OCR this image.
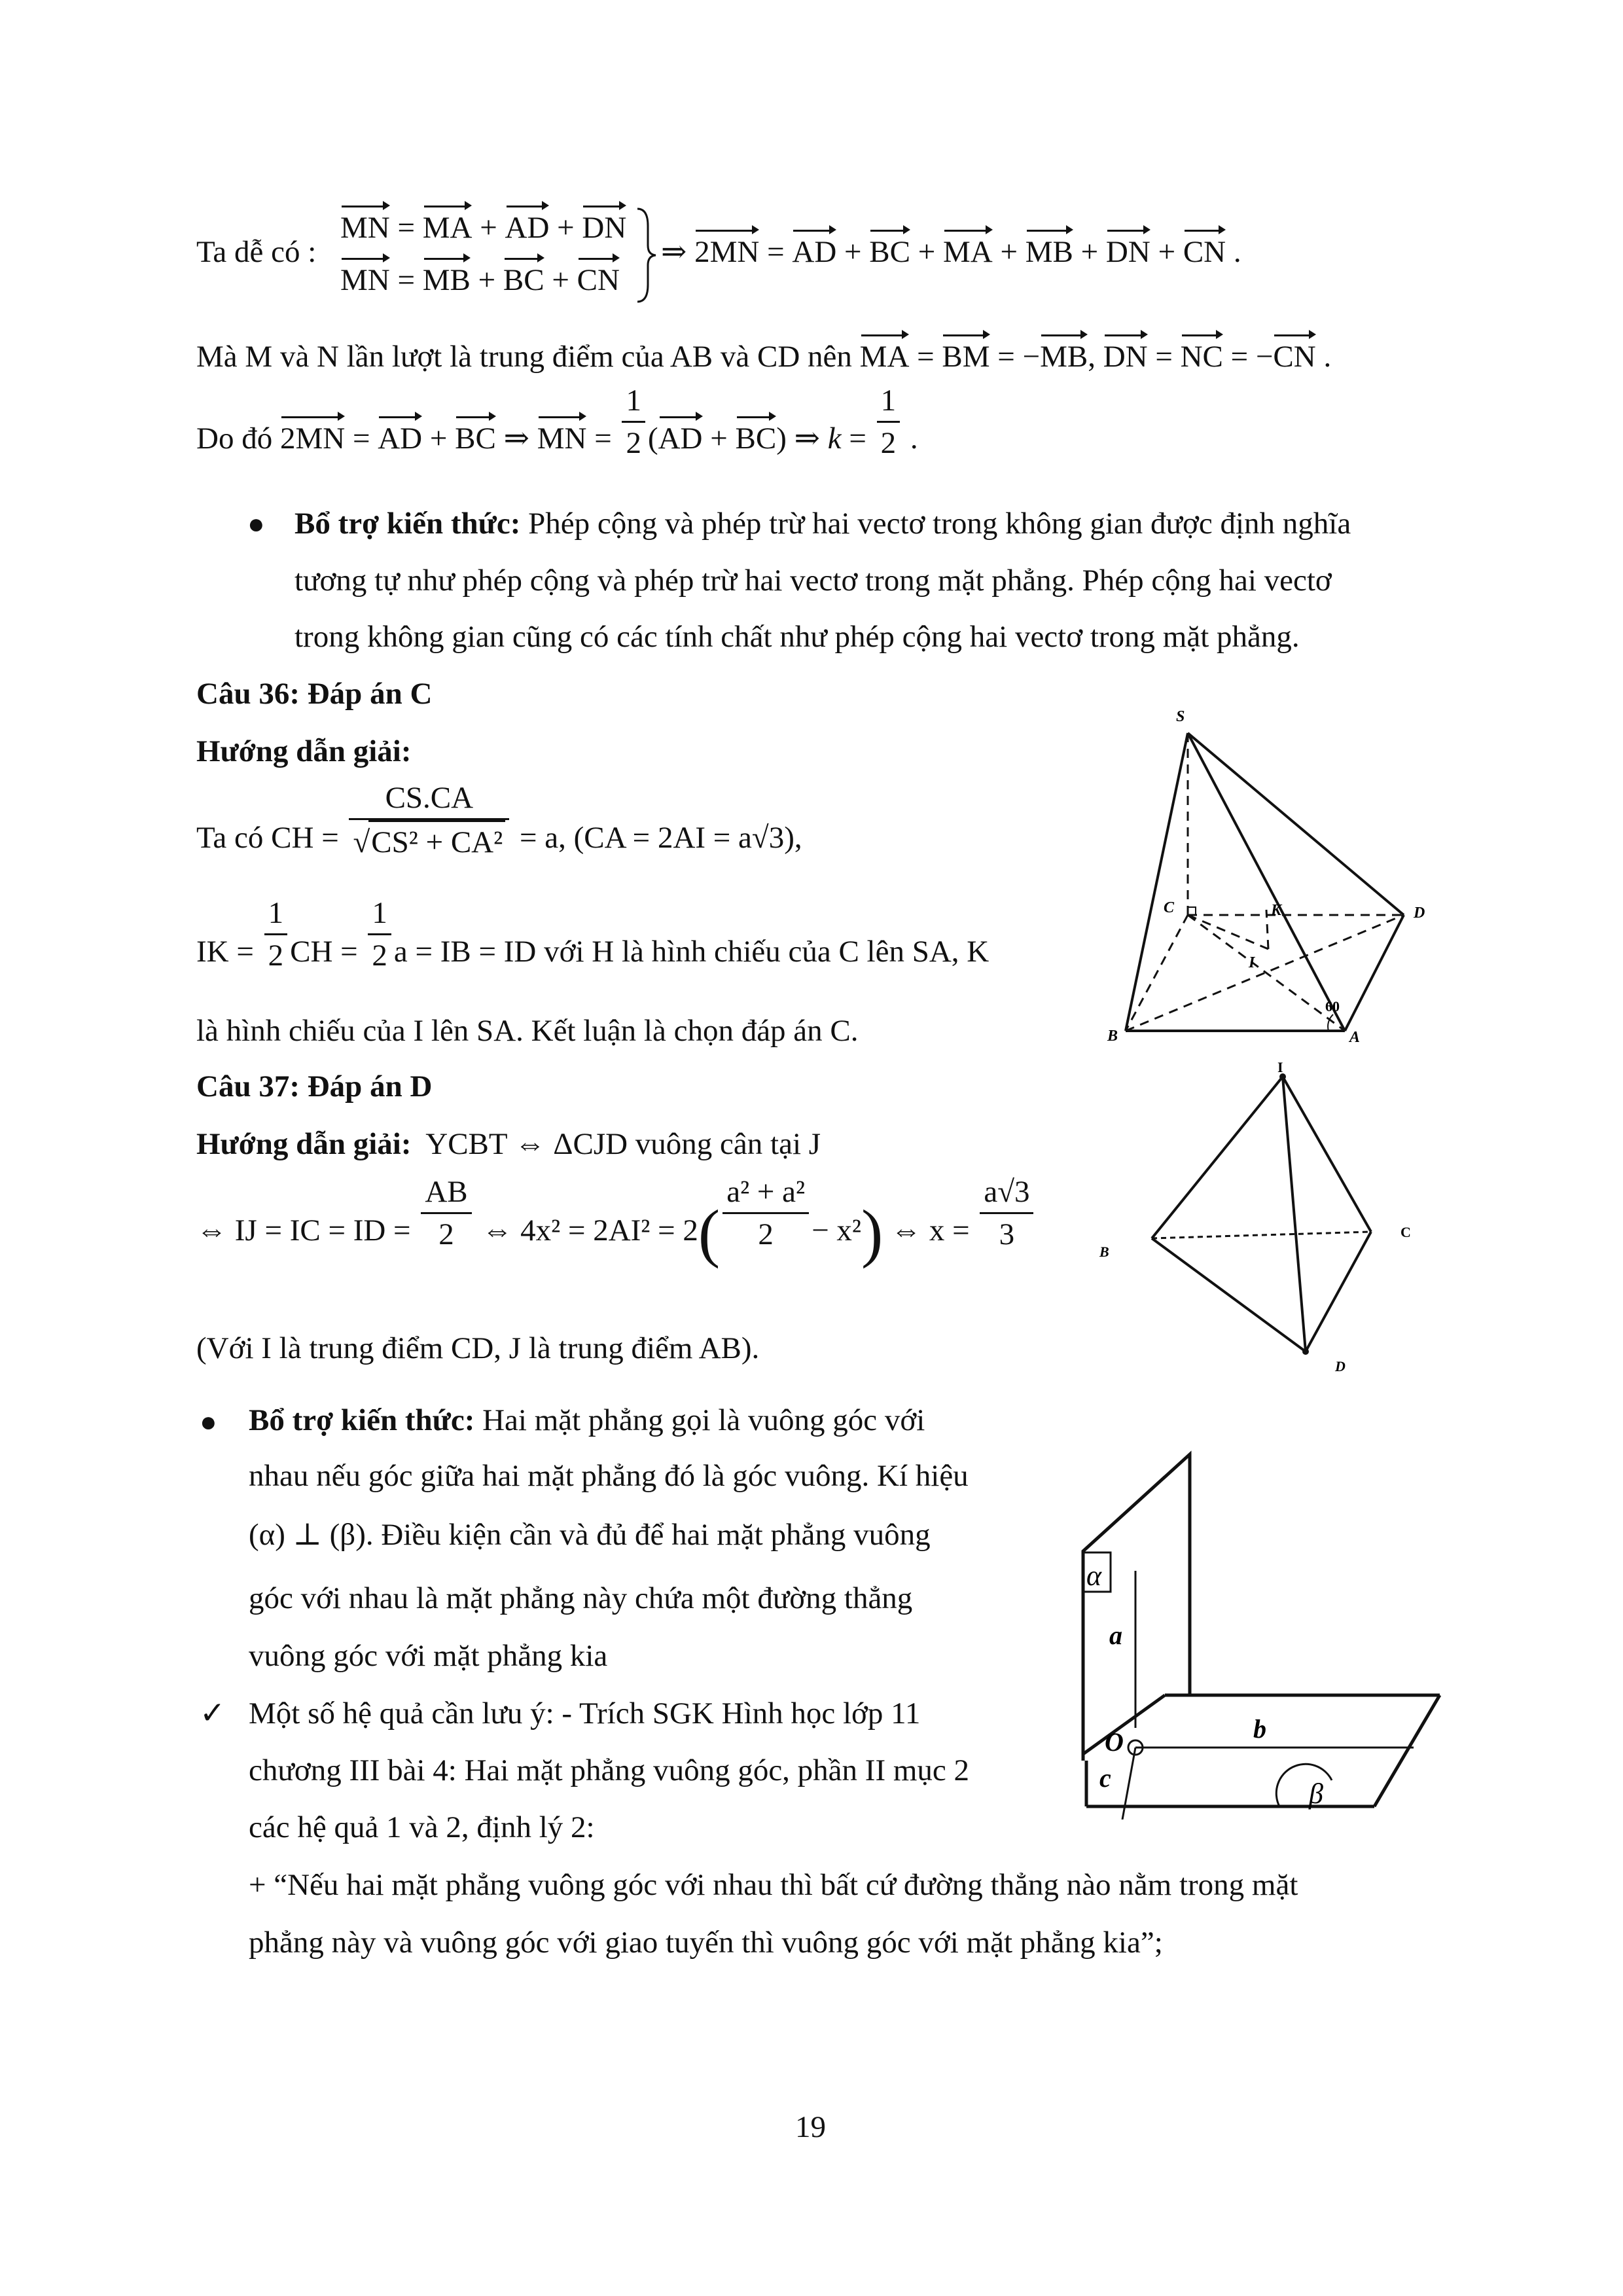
Ta dễ có :
MN = MA + AD + DN
MN = MB + BC + CN
⇒ 2MN = AD + BC + MA + MB + DN + CN .
Mà M và N lần lượt là trung điểm của AB và CD nên MA = BM = −MB, DN = NC = −CN .
Do đó 2MN = AD + BC ⇒ MN = $\frac{1}{2} (AD + BC)$ ⇒ $k = \frac{1}{2}$ .
● Bổ trợ kiến thức: Phép cộng và phép trừ hai vectơ trong không gian được định nghĩa
tương tự như phép cộng và phép trừ hai vectơ trong mặt phẳng. Phép cộng hai vectơ
trong không gian cũng có các tính chất như phép cộng hai vectơ trong mặt phẳng.
Câu 36: Đáp án C
Hướng dẫn giải:
Ta có CH = $\frac{CS.CA}{\text{√CS² + CA²}} = a$, (CA = 2AI = a√3),
IK = $\frac{1}{2}$ CH = $\frac{1}{2}$ a = IB = ID với H là hình chiếu của C lên SA, K
là hình chiếu của I lên SA. Kết luận là chọn đáp án C.
S
C	K	D
I
B	A
60
Câu 37: Đáp án D
Hướng dẫn giải: YCBT ⇔ ΔCJD vuông cân tại J
⇔ IJ = IC = ID = $\frac{AB}{2}$ ⇔ $4x^2 = 2AI^2 = 2( \frac{\text{a² + a²}}{2} - x^2)$ ⇔ $x = \frac{a√3}{3}$
(Với I là trung điểm CD, J là trung điểm AB).
I
C
B
D
● Bổ trợ kiến thức: Hai mặt phẳng gọi là vuông góc với
nhau nếu góc giữa hai mặt phẳng đó là góc vuông. Kí hiệu
(α) ⊥ (β). Điều kiện cần và đủ để hai mặt phẳng vuông
góc với nhau là mặt phẳng này chứa một đường thẳng
vuông góc với mặt phẳng kia
α
a
O	b
c	β
✓ Một số hệ quả cần lưu ý: - Trích SGK Hình học lớp 11
chương III bài 4: Hai mặt phẳng vuông góc, phần II mục 2
các hệ quả 1 và 2, định lý 2:
+ “Nếu hai mặt phẳng vuông góc với nhau thì bất cứ đường thẳng nào nằm trong mặt
phẳng này và vuông góc với giao tuyến thì vuông góc với mặt phẳng kia”;
19
